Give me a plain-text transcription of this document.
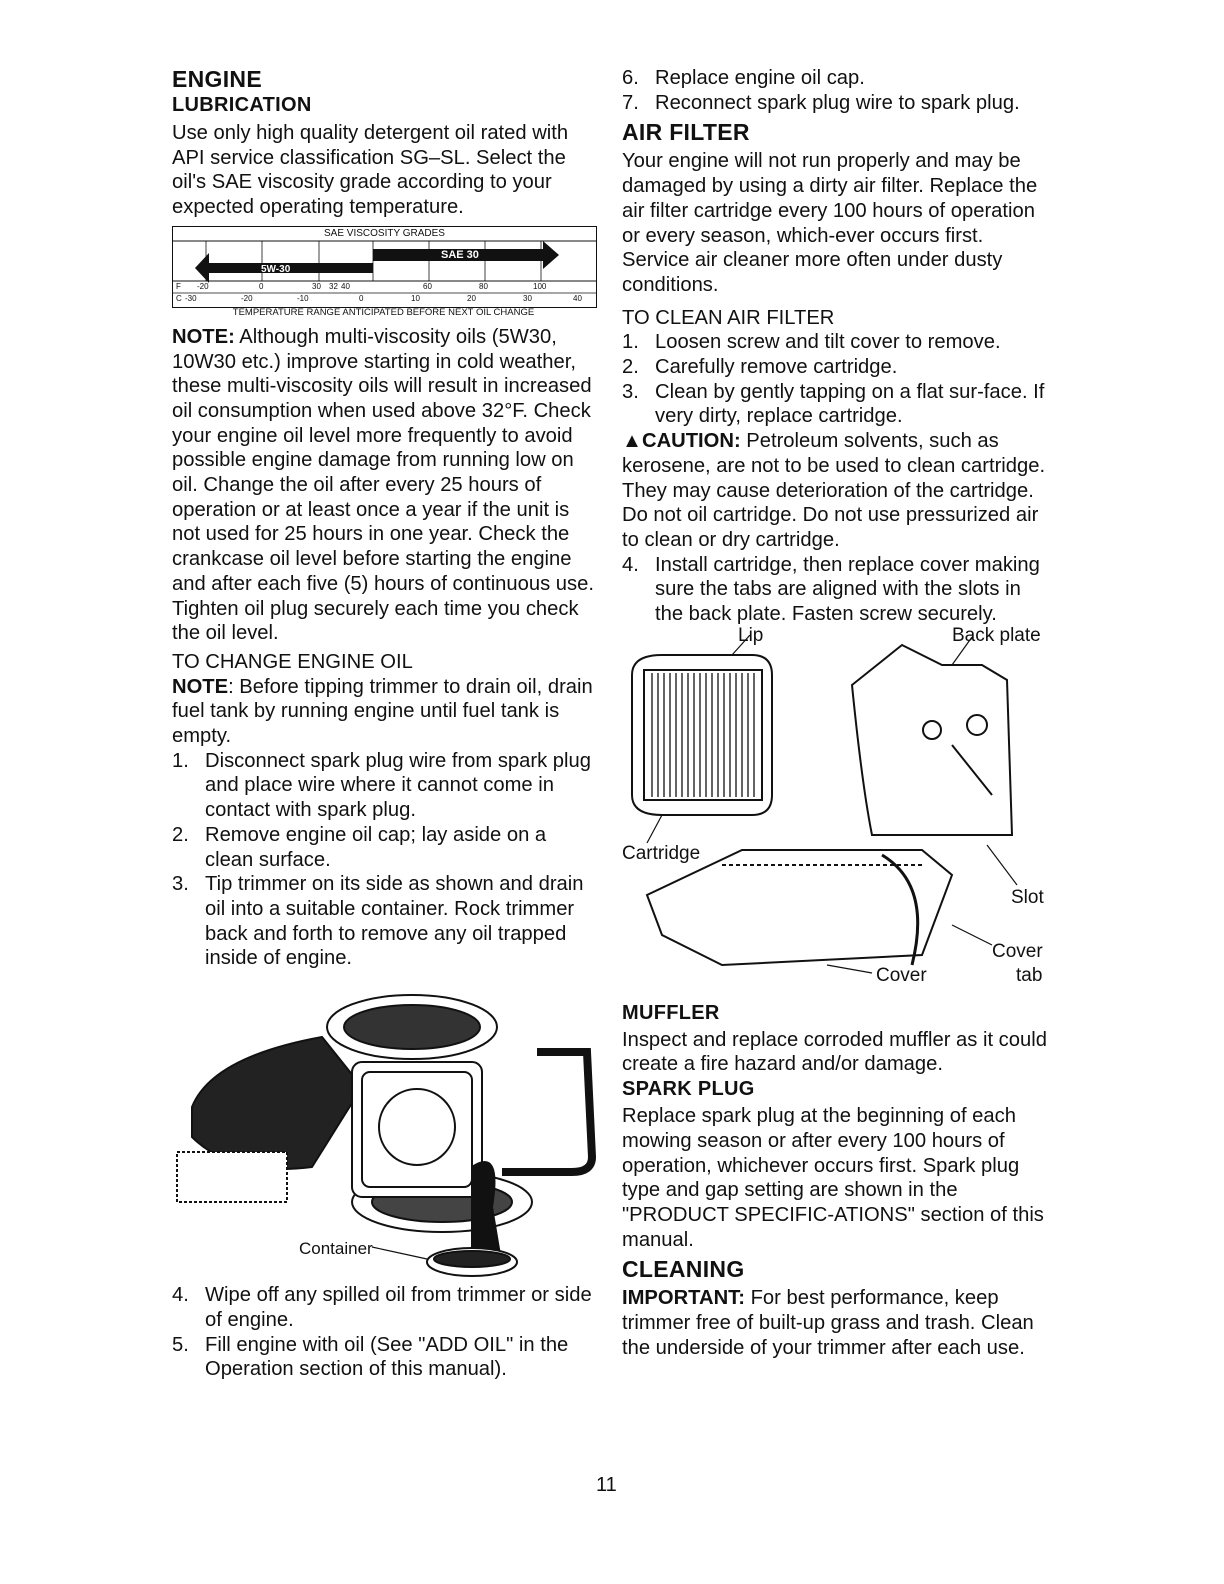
ENGINE
LUBRICATION

Use only high quality detergent oil rated with API service classification SG–SL. Select the oil's SAE viscosity grade according to your expected operating temperature.

SAE VISCOSITY GRADES
5W-30
SAE 30
F -20	0	30 32 40	60	80	100
C -30	-20	-10	0	10	20	30	40
TEMPERATURE RANGE ANTICIPATED BEFORE NEXT OIL CHANGE

NOTE: Although multi-viscosity oils (5W30, 10W30 etc.) improve starting in cold weather, these multi-viscosity oils will result in increased oil consumption when used above 32°F. Check your engine oil level more frequently to avoid possible engine damage from running low on oil. Change the oil after every 25 hours of operation or at least once a year if the unit is not used for 25 hours in one year. Check the crankcase oil level before starting the engine and after each five (5) hours of continuous use. Tighten oil plug securely each time you check the oil level.

TO CHANGE ENGINE OIL

NOTE: Before tipping trimmer to drain oil, drain fuel tank by running engine until fuel tank is empty.

1. Disconnect spark plug wire from spark plug and place wire where it cannot come in contact with spark plug.
2. Remove engine oil cap; lay aside on a clean surface.
3. Tip trimmer on its side as shown and drain oil into a suitable container. Rock trimmer back and forth to remove any oil trapped inside of engine.
Container
4. Wipe off any spilled oil from trimmer or side of engine.
5. Fill engine with oil (See "ADD OIL" in the Operation section of this manual).
6. Replace engine oil cap.
7. Reconnect spark plug wire to spark plug.
AIR FILTER

Your engine will not run properly and may be damaged by using a dirty air filter. Replace the air filter cartridge every 100 hours of operation or every season, which-ever occurs first. Service air cleaner more often under dusty conditions.

TO CLEAN AIR FILTER

1. Loosen screw and tilt cover to remove.
2. Carefully remove cartridge.
3. Clean by gently tapping on a flat sur-face. If very dirty, replace cartridge.

▲CAUTION: Petroleum solvents, such as kerosene, are not to be used to clean cartridge. They may cause deterioration of the cartridge. Do not oil cartridge. Do not use pressurized air to clean or dry cartridge.

4. Install cartridge, then replace cover making sure the tabs are aligned with the slots in the back plate. Fasten screw securely.
Lip	Back plate
Cartridge
Slot
Cover
Cover
tab
MUFFLER

Inspect and replace corroded muffler as it could create a fire hazard and/or damage.

SPARK PLUG

Replace spark plug at the beginning of each mowing season or after every 100 hours of operation, whichever occurs first. Spark plug type and gap setting are shown in the "PRODUCT SPECIFIC-ATIONS" section of this manual.

CLEANING

IMPORTANT: For best performance, keep trimmer free of built-up grass and trash. Clean the underside of your trimmer after each use.

11
